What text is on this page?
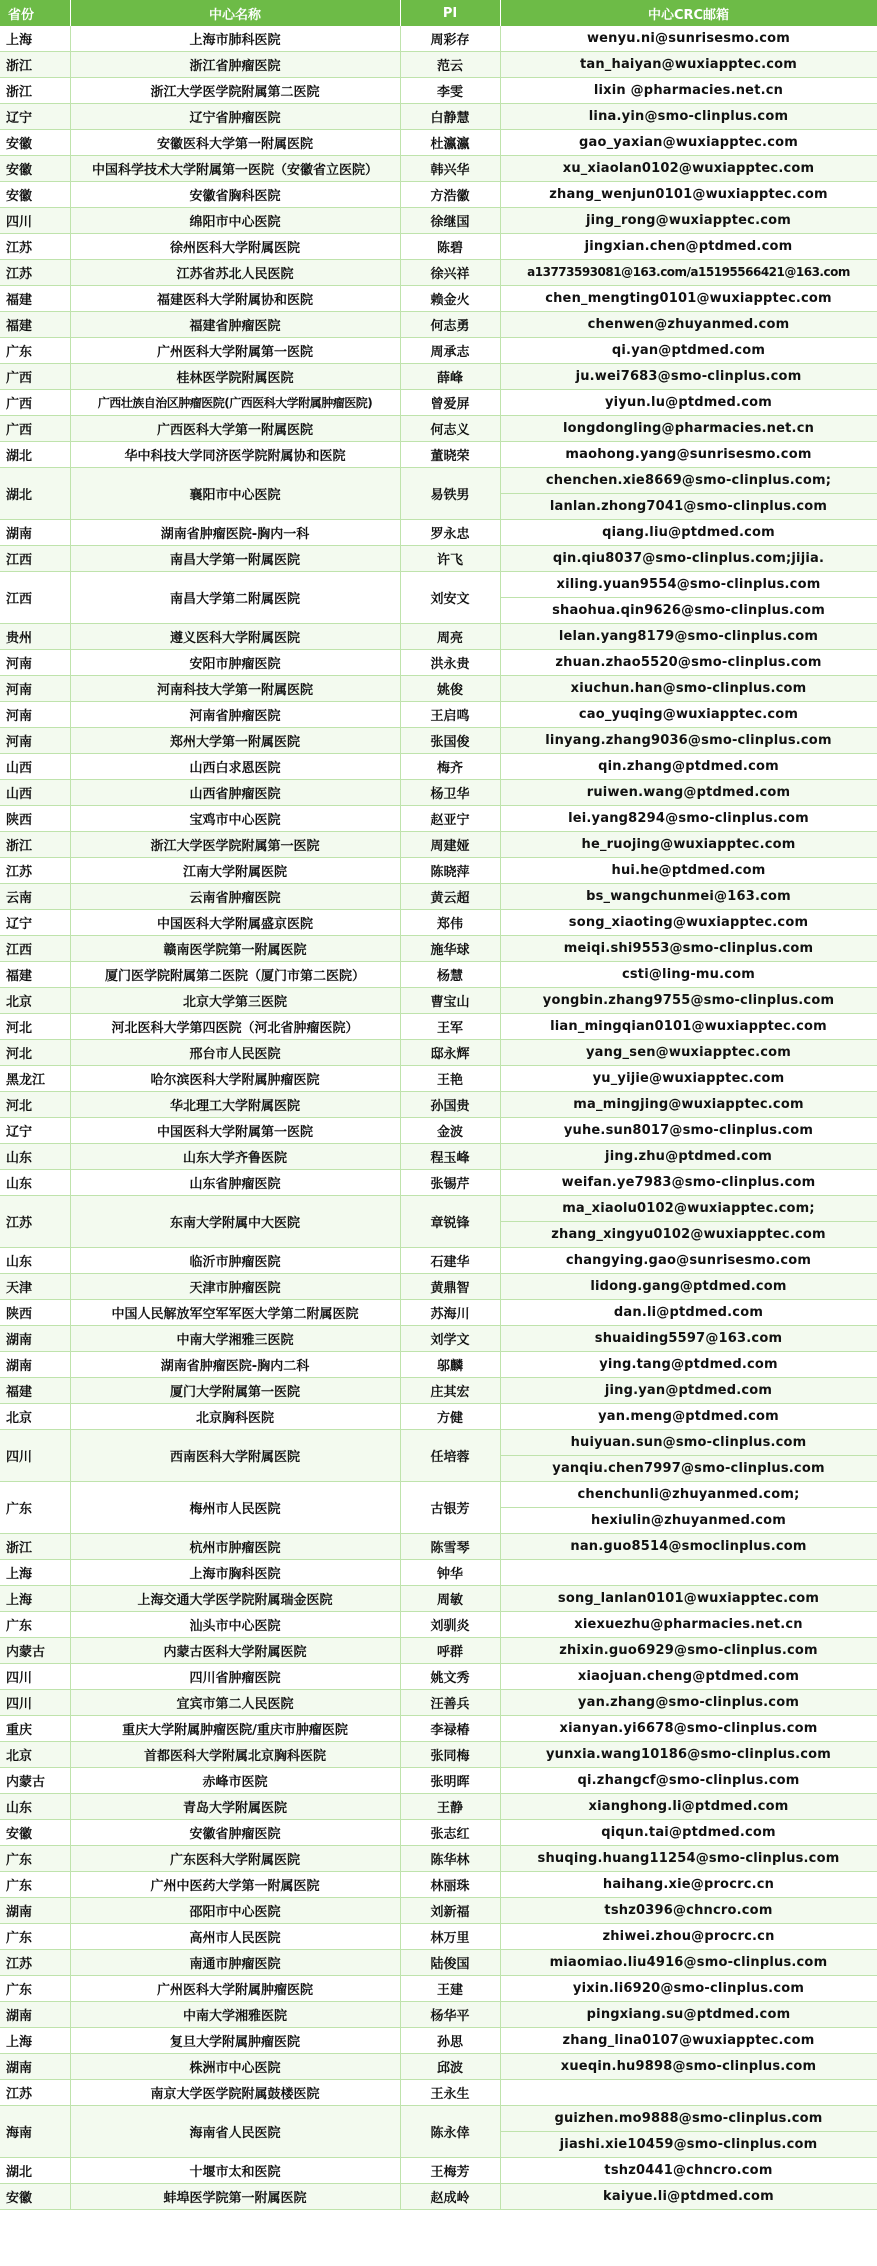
省份	中心名称	PI	中心CRC邮箱
上海	上海市肺科医院	周彩存	wenyu.ni@sunrisesmo.com

浙江	浙江省肿瘤医院	范云	tan_haiyan@wuxiapptec.com

浙江	浙江大学医学院附属第二医院	李雯	lixin @pharmacies.net.cn

辽宁	辽宁省肿瘤医院	白静慧	lina.yin@smo-clinplus.com

安徽	安徽医科大学第一附属医院	杜瀛瀛	gao_yaxian@wuxiapptec.com

安徽	中国科学技术大学附属第一医院（安徽省立医院）	韩兴华	xu_xiaolan0102@wuxiapptec.com

安徽	安徽省胸科医院	方浩徽	zhang_wenjun0101@wuxiapptec.com

四川	绵阳市中心医院	徐继国	jing_rong@wuxiapptec.com

江苏	徐州医科大学附属医院	陈碧	jingxian.chen@ptdmed.com

江苏	江苏省苏北人民医院	徐兴祥	a13773593081@163.com/a15195566421@163.com

福建	福建医科大学附属协和医院	赖金火	chen_mengting0101@wuxiapptec.com

福建	福建省肿瘤医院	何志勇	chenwen@zhuyanmed.com

广东	广州医科大学附属第一医院	周承志	qi.yan@ptdmed.com

广西	桂林医学院附属医院	薛峰	ju.wei7683@smo-clinplus.com

广西	广西壮族自治区肿瘤医院(广西医科大学附属肿瘤医院)	曾爱屏	yiyun.lu@ptdmed.com

广西	广西医科大学第一附属医院	何志义	longdongling@pharmacies.net.cn

湖北	华中科技大学同济医学院附属协和医院	董晓荣	maohong.yang@sunrisesmo.com

湖北	襄阳市中心医院	易铁男	chenchen.xie8669@smo-clinplus.com;
lanlan.zhong7041@smo-clinplus.com

湖南	湖南省肿瘤医院-胸内一科	罗永忠	qiang.liu@ptdmed.com

江西	南昌大学第一附属医院	许飞	qin.qiu8037@smo-clinplus.com;jijia.

江西	南昌大学第二附属医院	刘安文	xiling.yuan9554@smo-clinplus.com
shaohua.qin9626@smo-clinplus.com

贵州	遵义医科大学附属医院	周亮	lelan.yang8179@smo-clinplus.com

河南	安阳市肿瘤医院	洪永贵	zhuan.zhao5520@smo-clinplus.com

河南	河南科技大学第一附属医院	姚俊	xiuchun.han@smo-clinplus.com

河南	河南省肿瘤医院	王启鸣	cao_yuqing@wuxiapptec.com

河南	郑州大学第一附属医院	张国俊	linyang.zhang9036@smo-clinplus.com

山西	山西白求恩医院	梅齐	qin.zhang@ptdmed.com

山西	山西省肿瘤医院	杨卫华	ruiwen.wang@ptdmed.com

陕西	宝鸡市中心医院	赵亚宁	lei.yang8294@smo-clinplus.com

浙江	浙江大学医学院附属第一医院	周建娅	he_ruojing@wuxiapptec.com

江苏	江南大学附属医院	陈晓萍	hui.he@ptdmed.com

云南	云南省肿瘤医院	黄云超	bs_wangchunmei@163.com

辽宁	中国医科大学附属盛京医院	郑伟	song_xiaoting@wuxiapptec.com

江西	赣南医学院第一附属医院	施华球	meiqi.shi9553@smo-clinplus.com

福建	厦门医学院附属第二医院（厦门市第二医院）	杨慧	csti@ling-mu.com

北京	北京大学第三医院	曹宝山	yongbin.zhang9755@smo-clinplus.com

河北	河北医科大学第四医院（河北省肿瘤医院）	王军	lian_mingqian0101@wuxiapptec.com

河北	邢台市人民医院	邸永辉	yang_sen@wuxiapptec.com

黑龙江	哈尔滨医科大学附属肿瘤医院	王艳	yu_yijie@wuxiapptec.com

河北	华北理工大学附属医院	孙国贵	ma_mingjing@wuxiapptec.com

辽宁	中国医科大学附属第一医院	金波	yuhe.sun8017@smo-clinplus.com

山东	山东大学齐鲁医院	程玉峰	jing.zhu@ptdmed.com

山东	山东省肿瘤医院	张锡芹	weifan.ye7983@smo-clinplus.com

江苏	东南大学附属中大医院	章锐锋	ma_xiaolu0102@wuxiapptec.com;
zhang_xingyu0102@wuxiapptec.com

山东	临沂市肿瘤医院	石建华	changying.gao@sunrisesmo.com

天津	天津市肿瘤医院	黄鼎智	lidong.gang@ptdmed.com

陕西	中国人民解放军空军军医大学第二附属医院	苏海川	dan.li@ptdmed.com

湖南	中南大学湘雅三医院	刘学文	shuaiding5597@163.com

湖南	湖南省肿瘤医院-胸内二科	邬麟	ying.tang@ptdmed.com

福建	厦门大学附属第一医院	庄其宏	jing.yan@ptdmed.com

北京	北京胸科医院	方健	yan.meng@ptdmed.com

四川	西南医科大学附属医院	任培蓉	huiyuan.sun@smo-clinplus.com
yanqiu.chen7997@smo-clinplus.com

广东	梅州市人民医院	古银芳	chenchunli@zhuyanmed.com;
hexiulin@zhuyanmed.com

浙江	杭州市肿瘤医院	陈雪琴	nan.guo8514@smoclinplus.com

上海	上海市胸科医院	钟华	

上海	上海交通大学医学院附属瑞金医院	周敏	song_lanlan0101@wuxiapptec.com

广东	汕头市中心医院	刘驯炎	xiexuezhu@pharmacies.net.cn

内蒙古	内蒙古医科大学附属医院	呼群	zhixin.guo6929@smo-clinplus.com

四川	四川省肿瘤医院	姚文秀	xiaojuan.cheng@ptdmed.com

四川	宜宾市第二人民医院	汪善兵	yan.zhang@smo-clinplus.com

重庆	重庆大学附属肿瘤医院/重庆市肿瘤医院	李禄椿	xianyan.yi6678@smo-clinplus.com

北京	首都医科大学附属北京胸科医院	张同梅	yunxia.wang10186@smo-clinplus.com

内蒙古	赤峰市医院	张明晖	qi.zhangcf@smo-clinplus.com

山东	青岛大学附属医院	王静	xianghong.li@ptdmed.com

安徽	安徽省肿瘤医院	张志红	qiqun.tai@ptdmed.com

广东	广东医科大学附属医院	陈华林	shuqing.huang11254@smo-clinplus.com

广东	广州中医药大学第一附属医院	林丽珠	haihang.xie@procrc.cn

湖南	邵阳市中心医院	刘新福	tshz0396@chncro.com

广东	高州市人民医院	林万里	zhiwei.zhou@procrc.cn

江苏	南通市肿瘤医院	陆俊国	miaomiao.liu4916@smo-clinplus.com

广东	广州医科大学附属肿瘤医院	王建	yixin.li6920@smo-clinplus.com

湖南	中南大学湘雅医院	杨华平	pingxiang.su@ptdmed.com

上海	复旦大学附属肿瘤医院	孙思	zhang_lina0107@wuxiapptec.com

湖南	株洲市中心医院	邱波	xueqin.hu9898@smo-clinplus.com

江苏	南京大学医学院附属鼓楼医院	王永生	

海南	海南省人民医院	陈永倖	guizhen.mo9888@smo-clinplus.com
jiashi.xie10459@smo-clinplus.com

湖北	十堰市太和医院	王梅芳	tshz0441@chncro.com

安徽	蚌埠医学院第一附属医院	赵成岭	kaiyue.li@ptdmed.com
